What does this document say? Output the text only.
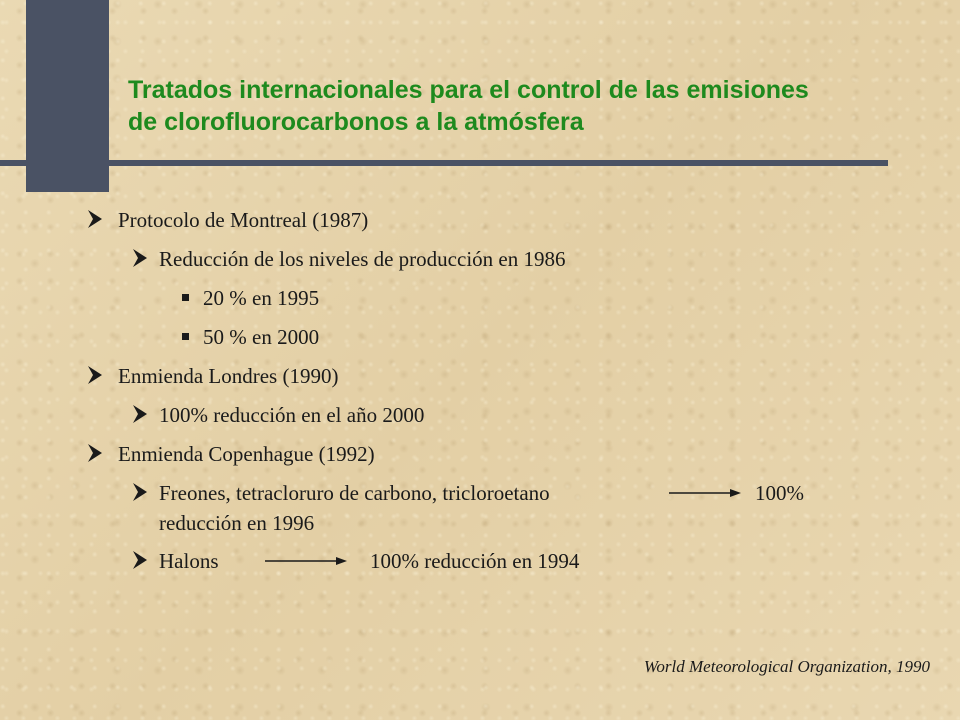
Tratados internacionales para el control de las emisiones
de clorofluorocarbonos a la atmósfera
Protocolo de Montreal (1987)
Reducción de los niveles de producción en 1986
20 % en 1995
50 % en 2000
Enmienda Londres (1990)
100% reducción en el año 2000
Enmienda Copenhague (1992)
Freones, tetracloruro de carbono, tricloroetano	100%
reducción en 1996
Halons	100% reducción en 1994
World Meteorological Organization, 1990
